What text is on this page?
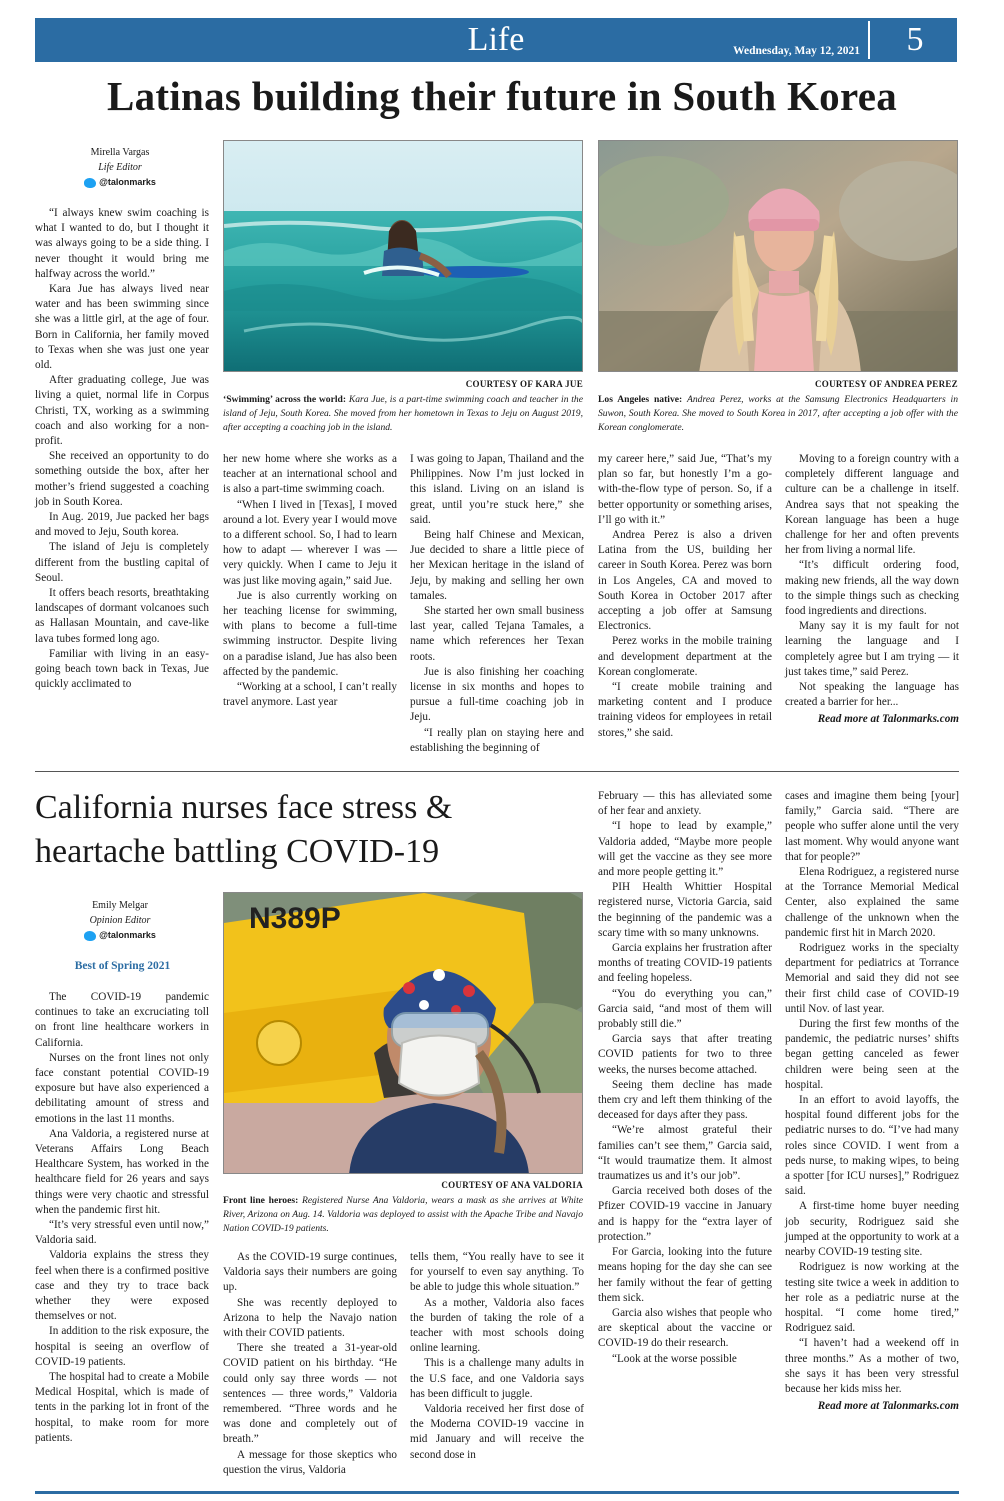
Life	Wednesday, May 12, 2021	5
Latinas building their future in South Korea
Mirella Vargas
Life Editor
@talonmarks
COURTESY OF KARA JUE
‘Swimming’ across the world: Kara Jue, is a part-time swimming coach and teacher in the island of Jeju, South Korea. She moved from her hometown in Texas to Jeju on August 2019, after accepting a coaching job in the island.
COURTESY OF ANDREA PEREZ
Los Angeles native: Andrea Perez, works at the Samsung Electronics Headquarters in Suwon, South Korea. She moved to South Korea in 2017, after accepting a job offer with the Korean conglomerate.

“I always knew swim coaching is what I wanted to do, but I thought it was always going to be a side thing. I never thought it would bring me halfway across the world.”

Kara Jue has always lived near water and has been swimming since she was a little girl, at the age of four. Born in California, her family moved to Texas when she was just one year old.

After graduating college, Jue was living a quiet, normal life in Corpus Christi, TX, working as a swimming coach and also working for a non-profit.

She received an opportunity to do something outside the box, after her mother’s friend suggested a coaching job in South Korea.

In Aug. 2019, Jue packed her bags and moved to Jeju, South korea.

The island of Jeju is completely different from the bustling capital of Seoul.

It offers beach resorts, breathtaking landscapes of dormant volcanoes such as Hallasan Mountain, and cave-like lava tubes formed long ago.

Familiar with living in an easy-going beach town back in Texas, Jue quickly acclimated to

her new home where she works as a teacher at an international school and is also a part-time swimming coach.

“When I lived in [Texas], I moved around a lot. Every year I would move to a different school. So, I had to learn how to adapt — wherever I was — very quickly. When I came to Jeju it was just like moving again,” said Jue.

Jue is also currently working on her teaching license for swimming, with plans to become a full-time swimming instructor. Despite living on a paradise island, Jue has also been affected by the pandemic.

“Working at a school, I can’t really travel anymore. Last year

I was going to Japan, Thailand and the Philippines. Now I’m just locked in this island. Living on an island is great, until you’re stuck here,” she said.

Being half Chinese and Mexican, Jue decided to share a little piece of her Mexican heritage in the island of Jeju, by making and selling her own tamales.

She started her own small business last year, called Tejana Tamales, a name which references her Texan roots.

Jue is also finishing her coaching license in six months and hopes to pursue a full-time coaching job in Jeju.

“I really plan on staying here and establishing the beginning of

my career here,” said Jue, “That’s my plan so far, but honestly I’m a go-with-the-flow type of person. So, if a better opportunity or something arises, I’ll go with it.”

Andrea Perez is also a driven Latina from the US, building her career in South Korea. Perez was born in Los Angeles, CA and moved to South Korea in October 2017 after accepting a job offer at Samsung Electronics.

Perez works in the mobile training and development department at the Korean conglomerate.

“I create mobile training and marketing content and I produce training videos for employees in retail stores,” she said.

Moving to a foreign country with a completely different language and culture can be a challenge in itself. Andrea says that not speaking the Korean language has been a huge challenge for her and often prevents her from living a normal life.

“It’s difficult ordering food, making new friends, all the way down to the simple things such as checking food ingredients and directions.

Many say it is my fault for not learning the language and I completely agree but I am trying — it just takes time,” said Perez.

Not speaking the language has created a barrier for her...

Read more at Talonmarks.com

California nurses face stress & heartache battling COVID-19
Emily Melgar
Opinion Editor
@talonmarks
Best of Spring 2021
N389P
COURTESY OF ANA VALDORIA
Front line heroes: Registered Nurse Ana Valdoria, wears a mask as she arrives at White River, Arizona on Aug. 14. Valdoria was deployed to assist with the Apache Tribe and Navajo Nation COVID-19 patients.

The COVID-19 pandemic continues to take an excruciating toll on front line healthcare workers in California.

Nurses on the front lines not only face constant potential COVID-19 exposure but have also experienced a debilitating amount of stress and emotions in the last 11 months.

Ana Valdoria, a registered nurse at Veterans Affairs Long Beach Healthcare System, has worked in the healthcare field for 26 years and says things were very chaotic and stressful when the pandemic first hit.

“It’s very stressful even until now,” Valdoria said.

Valdoria explains the stress they feel when there is a confirmed positive case and they try to trace back whether they were exposed themselves or not.

In addition to the risk exposure, the hospital is seeing an overflow of COVID-19 patients.

The hospital had to create a Mobile Medical Hospital, which is made of tents in the parking lot in front of the hospital, to make room for more patients.

As the COVID-19 surge continues, Valdoria says their numbers are going up.

She was recently deployed to Arizona to help the Navajo nation with their COVID patients.

There she treated a 31-year-old COVID patient on his birthday. “He could only say three words — not sentences — three words,” Valdoria remembered. “Three words and he was done and completely out of breath.”

A message for those skeptics who question the virus, Valdoria

tells them, “You really have to see it for yourself to even say anything. To be able to judge this whole situation.”

As a mother, Valdoria also faces the burden of taking the role of a teacher with most schools doing online learning.

This is a challenge many adults in the U.S face, and one Valdoria says has been difficult to juggle.

Valdoria received her first dose of the Moderna COVID-19 vaccine in mid January and will receive the second dose in

February — this has alleviated some of her fear and anxiety.

“I hope to lead by example,” Valdoria added, “Maybe more people will get the vaccine as they see more and more people getting it.”

PIH Health Whittier Hospital registered nurse, Victoria Garcia, said the beginning of the pandemic was a scary time with so many unknowns.

Garcia explains her frustration after months of treating COVID-19 patients and feeling hopeless.

“You do everything you can,” Garcia said, “and most of them will probably still die.”

Garcia says that after treating COVID patients for two to three weeks, the nurses become attached.

Seeing them decline has made them cry and left them thinking of the deceased for days after they pass.

“We’re almost grateful their families can’t see them,” Garcia said, “It would traumatize them. It almost traumatizes us and it’s our job”.

Garcia received both doses of the Pfizer COVID-19 vaccine in January and is happy for the “extra layer of protection.”

For Garcia, looking into the future means hoping for the day she can see her family without the fear of getting them sick.

Garcia also wishes that people who are skeptical about the vaccine or COVID-19 do their research.

“Look at the worse possible

cases and imagine them being [your] family,” Garcia said. “There are people who suffer alone until the very last moment. Why would anyone want that for people?”

Elena Rodriguez, a registered nurse at the Torrance Memorial Medical Center, also explained the same challenge of the unknown when the pandemic first hit in March 2020.

Rodriguez works in the specialty department for pediatrics at Torrance Memorial and said they did not see their first child case of COVID-19 until Nov. of last year.

During the first few months of the pandemic, the pediatric nurses’ shifts began getting canceled as fewer children were being seen at the hospital.

In an effort to avoid layoffs, the hospital found different jobs for the pediatric nurses to do. “I’ve had many roles since COVID. I went from a peds nurse, to making wipes, to being a spotter [for ICU nurses],” Rodriguez said.

A first-time home buyer needing job security, Rodriguez said she jumped at the opportunity to work at a nearby COVID-19 testing site.

Rodriguez is now working at the testing site twice a week in addition to her role as a pediatric nurse at the hospital. “I come home tired,” Rodriguez said.

“I haven’t had a weekend off in three months.” As a mother of two, she says it has been very stressful because her kids miss her.

Read more at Talonmarks.com
